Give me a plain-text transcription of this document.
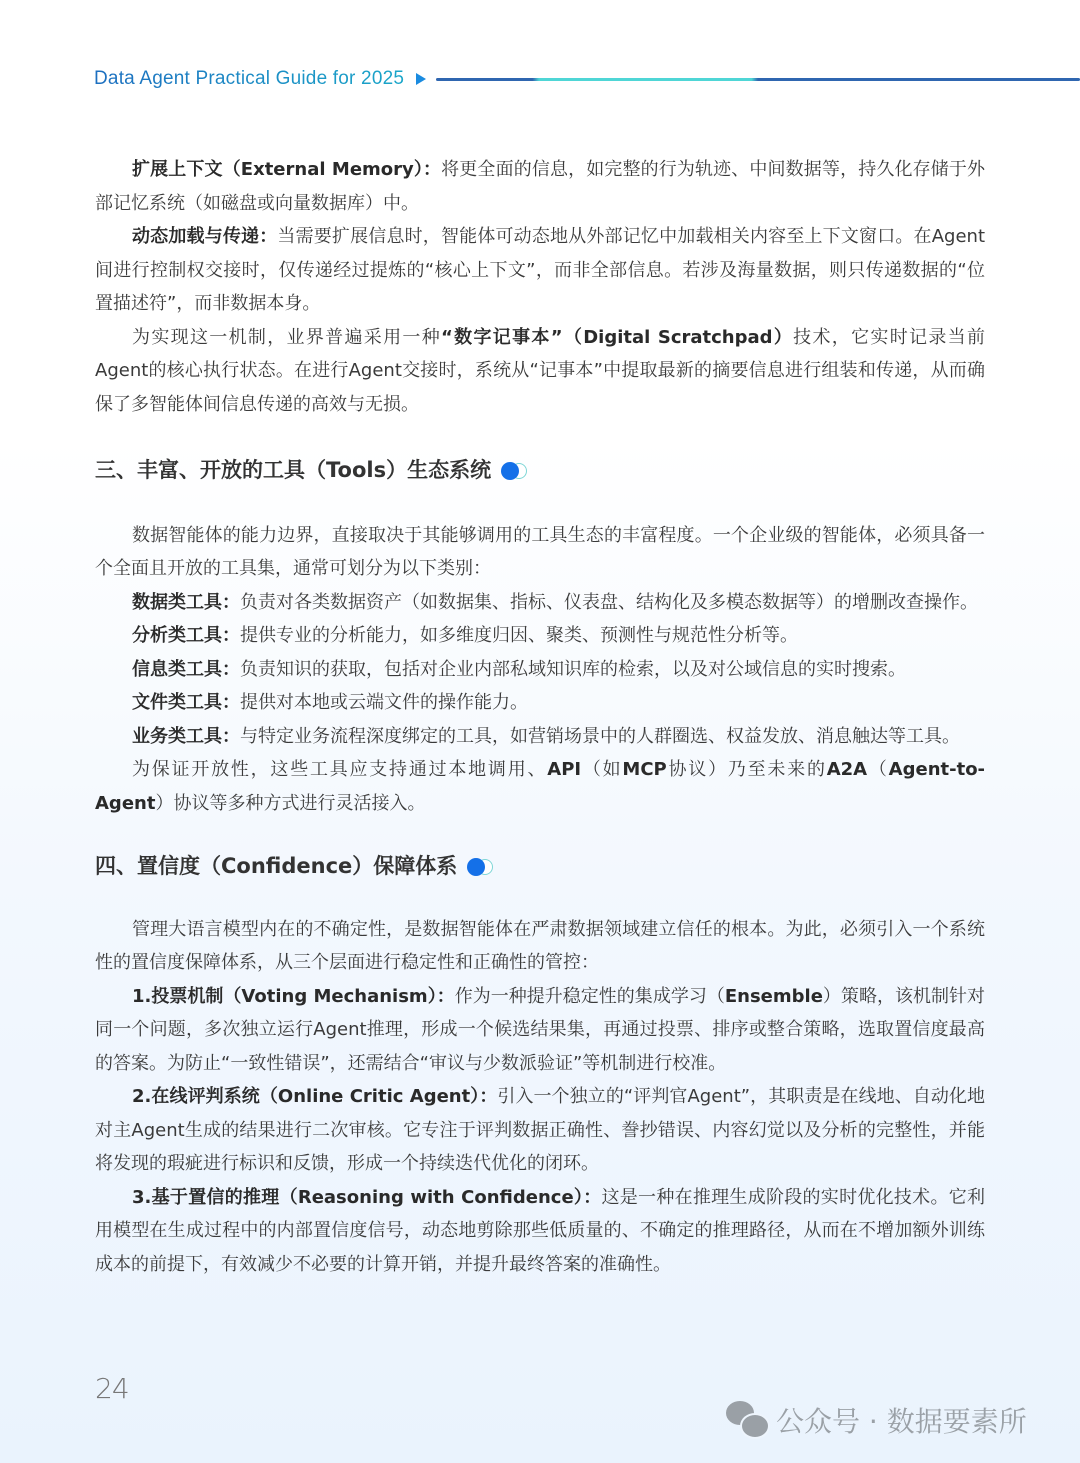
Data Agent Practical Guide for 2025

扩展上下文（External Memory）：将更全面的信息，如完整的行为轨迹、中间数据等，持久化存储于外部记忆系统（如磁盘或向量数据库）中。

动态加载与传递：当需要扩展信息时，智能体可动态地从外部记忆中加载相关内容至上下文窗口。在Agent间进行控制权交接时，仅传递经过提炼的“核心上下文”，而非全部信息。若涉及海量数据，则只传递数据的“位置描述符”，而非数据本身。

为实现这一机制，业界普遍采用一种“数字记事本”（Digital Scratchpad）技术，它实时记录当前Agent的核心执行状态。在进行Agent交接时，系统从“记事本”中提取最新的摘要信息进行组装和传递，从而确保了多智能体间信息传递的高效与无损。

三、丰富、开放的工具（Tools）生态系统

数据智能体的能力边界，直接取决于其能够调用的工具生态的丰富程度。一个企业级的智能体，必须具备一个全面且开放的工具集，通常可划分为以下类别：

数据类工具：负责对各类数据资产（如数据集、指标、仪表盘、结构化及多模态数据等）的增删改查操作。

分析类工具：提供专业的分析能力，如多维度归因、聚类、预测性与规范性分析等。

信息类工具：负责知识的获取，包括对企业内部私域知识库的检索，以及对公域信息的实时搜索。

文件类工具：提供对本地或云端文件的操作能力。

业务类工具：与特定业务流程深度绑定的工具，如营销场景中的人群圈选、权益发放、消息触达等工具。

为保证开放性，这些工具应支持通过本地调用、API（如MCP协议）乃至未来的A2A（Agent-to-Agent）协议等多种方式进行灵活接入。

四、置信度（Confidence）保障体系

管理大语言模型内在的不确定性，是数据智能体在严肃数据领域建立信任的根本。为此，必须引入一个系统性的置信度保障体系，从三个层面进行稳定性和正确性的管控：

1.投票机制（Voting Mechanism）：作为一种提升稳定性的集成学习（Ensemble）策略，该机制针对同一个问题，多次独立运行Agent推理，形成一个候选结果集，再通过投票、排序或整合策略，选取置信度最高的答案。为防止“一致性错误”，还需结合“审议与少数派验证”等机制进行校准。

2.在线评判系统（Online Critic Agent）：引入一个独立的“评判官Agent”，其职责是在线地、自动化地对主Agent生成的结果进行二次审核。它专注于评判数据正确性、誊抄错误、内容幻觉以及分析的完整性，并能将发现的瑕疵进行标识和反馈，形成一个持续迭代优化的闭环。

3.基于置信的推理（Reasoning with Confidence）：这是一种在推理生成阶段的实时优化技术。它利用模型在生成过程中的内部置信度信号，动态地剪除那些低质量的、不确定的推理路径，从而在不增加额外训练成本的前提下，有效减少不必要的计算开销，并提升最终答案的准确性。

24
公众号 · 数据要素所
